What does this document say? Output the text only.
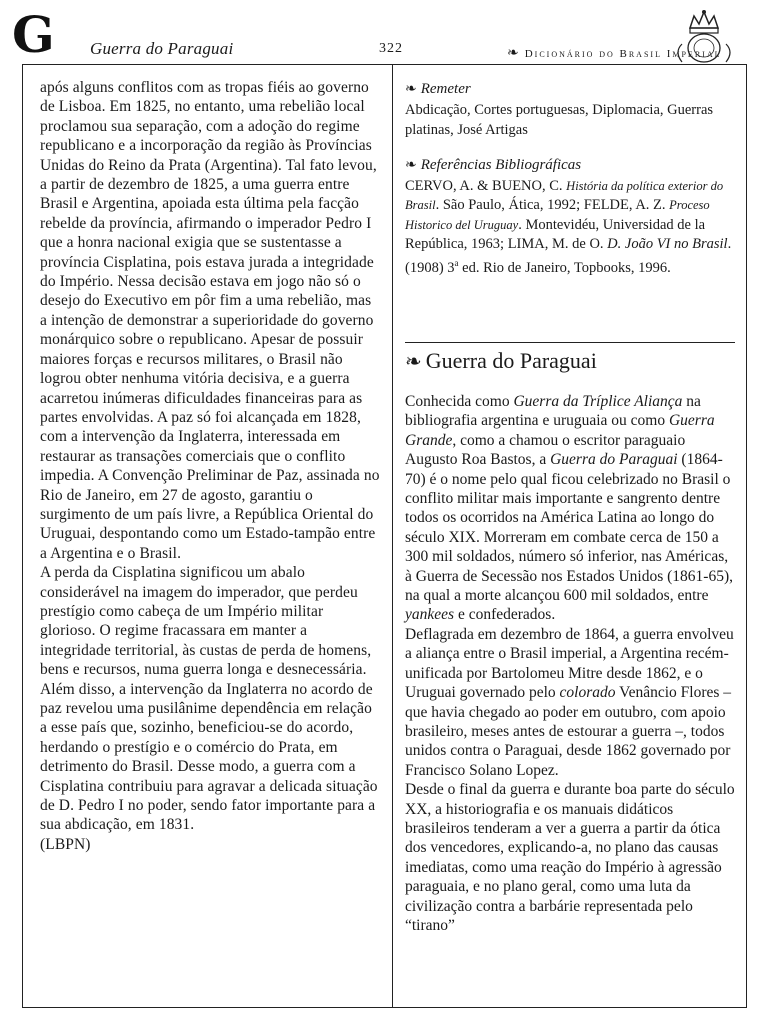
G Guerra do Paraguai	322	❧ Dicionário do Brasil Imperial

após alguns conflitos com as tropas fiéis ao governo de Lisboa. Em 1825, no entanto, uma rebelião local proclamou sua separação, com a adoção do regime republicano e a incorporação da região às Províncias Unidas do Reino da Prata (Argentina). Tal fato levou, a partir de dezembro de 1825, a uma guerra entre Brasil e Argentina, apoiada esta última pela facção rebelde da província, afirmando o imperador Pedro I que a honra nacional exigia que se sustentasse a província Cisplatina, pois estava jurada a integridade do Império. Nessa decisão estava em jogo não só o desejo do Executivo em pôr fim a uma rebelião, mas a intenção de demonstrar a superioridade do governo monárquico sobre o republicano. Apesar de possuir maiores forças e recursos militares, o Brasil não logrou obter nenhuma vitória decisiva, e a guerra acarretou inúmeras dificuldades financeiras para as partes envolvidas. A paz só foi alcançada em 1828, com a intervenção da Inglaterra, interessada em restaurar as transações comerciais que o conflito impedia. A Convenção Preliminar de Paz, assinada no Rio de Janeiro, em 27 de agosto, garantiu o surgimento de um país livre, a República Oriental do Uruguai, despontando como um Estado-tampão entre a Argentina e o Brasil.

A perda da Cisplatina significou um abalo considerável na imagem do imperador, que perdeu prestígio como cabeça de um Império militar glorioso. O regime fracassara em manter a integridade territorial, às custas de perda de homens, bens e recursos, numa guerra longa e desnecessária. Além disso, a intervenção da Inglaterra no acordo de paz revelou uma pusilânime dependência em relação a esse país que, sozinho, beneficiou-se do acordo, herdando o prestígio e o comércio do Prata, em detrimento do Brasil. Desse modo, a guerra com a Cisplatina contribuiu para agravar a delicada situação de D. Pedro I no poder, sendo fator importante para a sua abdicação, em 1831.

(LBPN)

❧ Remeter

Abdicação, Cortes portuguesas, Diplomacia, Guerras platinas, José Artigas

❧ Referências Bibliográficas

CERVO, A. & BUENO, C. História da política exterior do Brasil. São Paulo, Ática, 1992; FELDE, A. Z. Proceso Historico del Uruguay. Montevidéu, Universidad de la República, 1963; LIMA, M. de O. D. João VI no Brasil. (1908) 3$^a$ ed. Rio de Janeiro, Topbooks, 1996.

❧ Guerra do Paraguai

Conhecida como Guerra da Tríplice Aliança na bibliografia argentina e uruguaia ou como Guerra Grande, como a chamou o escritor paraguaio Augusto Roa Bastos, a Guerra do Paraguai (1864-70) é o nome pelo qual ficou celebrizado no Brasil o conflito militar mais importante e sangrento dentre todos os ocorridos na América Latina ao longo do século XIX. Morreram em combate cerca de 150 a 300 mil soldados, número só inferior, nas Américas, à Guerra de Secessão nos Estados Unidos (1861-65), na qual a morte alcançou 600 mil soldados, entre yankees e confederados.

Deflagrada em dezembro de 1864, a guerra envolveu a aliança entre o Brasil imperial, a Argentina recém-unificada por Bartolomeu Mitre desde 1862, e o Uruguai governado pelo colorado Venâncio Flores – que havia chegado ao poder em outubro, com apoio brasileiro, meses antes de estourar a guerra –, todos unidos contra o Paraguai, desde 1862 governado por Francisco Solano Lopez.

Desde o final da guerra e durante boa parte do século XX, a historiografia e os manuais didáticos brasileiros tenderam a ver a guerra a partir da ótica dos vencedores, explicando-a, no plano das causas imediatas, como uma reação do Império à agressão paraguaia, e no plano geral, como uma luta da civilização contra a barbárie representada pelo “tirano”
